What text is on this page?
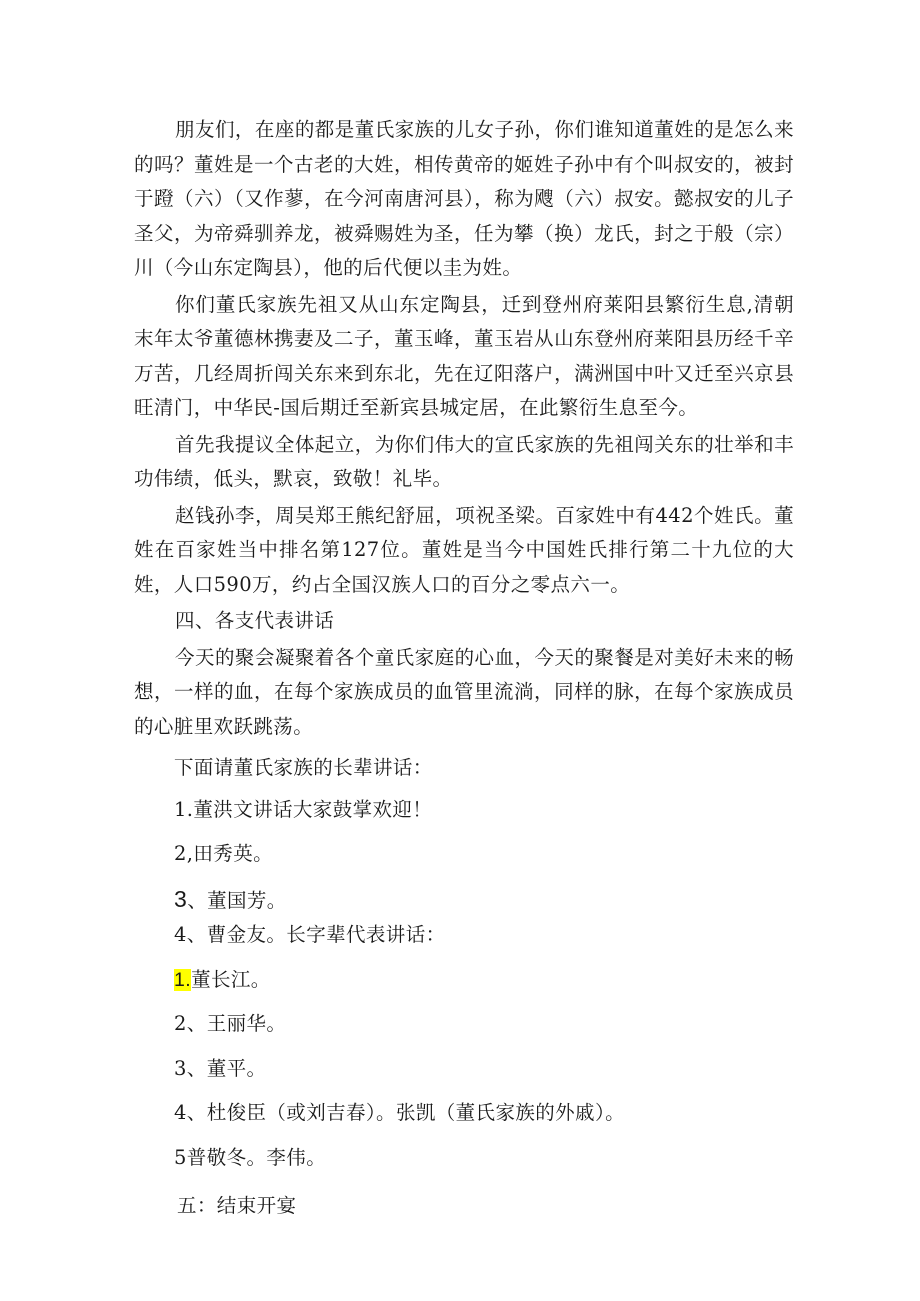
朋友们，在座的都是董氏家族的儿女子孙，你们谁知道董姓的是怎么来的吗？董姓是一个古老的大姓，相传黄帝的姬姓子孙中有个叫叔安的，被封于蹬（六）（又作蓼，在今河南唐河县），称为飕（六）叔安。懿叔安的儿子圣父，为帝舜驯养龙，被舜赐姓为圣，任为攀（换）龙氏，封之于般（宗）川（今山东定陶县），他的后代便以圭为姓。

你们董氏家族先祖又从山东定陶县，迁到登州府莱阳县繁衍生息,清朝末年太爷董德林携妻及二子，董玉峰，董玉岩从山东登州府莱阳县历经千辛万苦，几经周折闯关东来到东北，先在辽阳落户，满洲国中叶又迁至兴京县旺清门，中华民-国后期迁至新宾县城定居，在此繁衍生息至今。

首先我提议全体起立，为你们伟大的宣氏家族的先祖闯关东的壮举和丰功伟绩，低头，默哀，致敬！礼毕。

赵钱孙李，周吴郑王熊纪舒屈，项祝圣梁。百家姓中有442个姓氏。董姓在百家姓当中排名第127位。董姓是当今中国姓氏排行第二十九位的大姓，人口590万，约占全国汉族人口的百分之零点六一。

四、各支代表讲话

今天的聚会凝聚着各个童氏家庭的心血，今天的聚餐是对美好未来的畅想，一样的血，在每个家族成员的血管里流淌，同样的脉，在每个家族成员的心脏里欢跃跳荡。

下面请董氏家族的长辈讲话：

1.董洪文讲话大家鼓掌欢迎！

2,田秀英。

3、董国芳。

4、曹金友。长字辈代表讲话：

1.董长江。

2、王丽华。

3、董平。

4、杜俊臣（或刘吉春）。张凯（董氏家族的外戚）。

5普敬冬。李伟。

五：结束开宴
